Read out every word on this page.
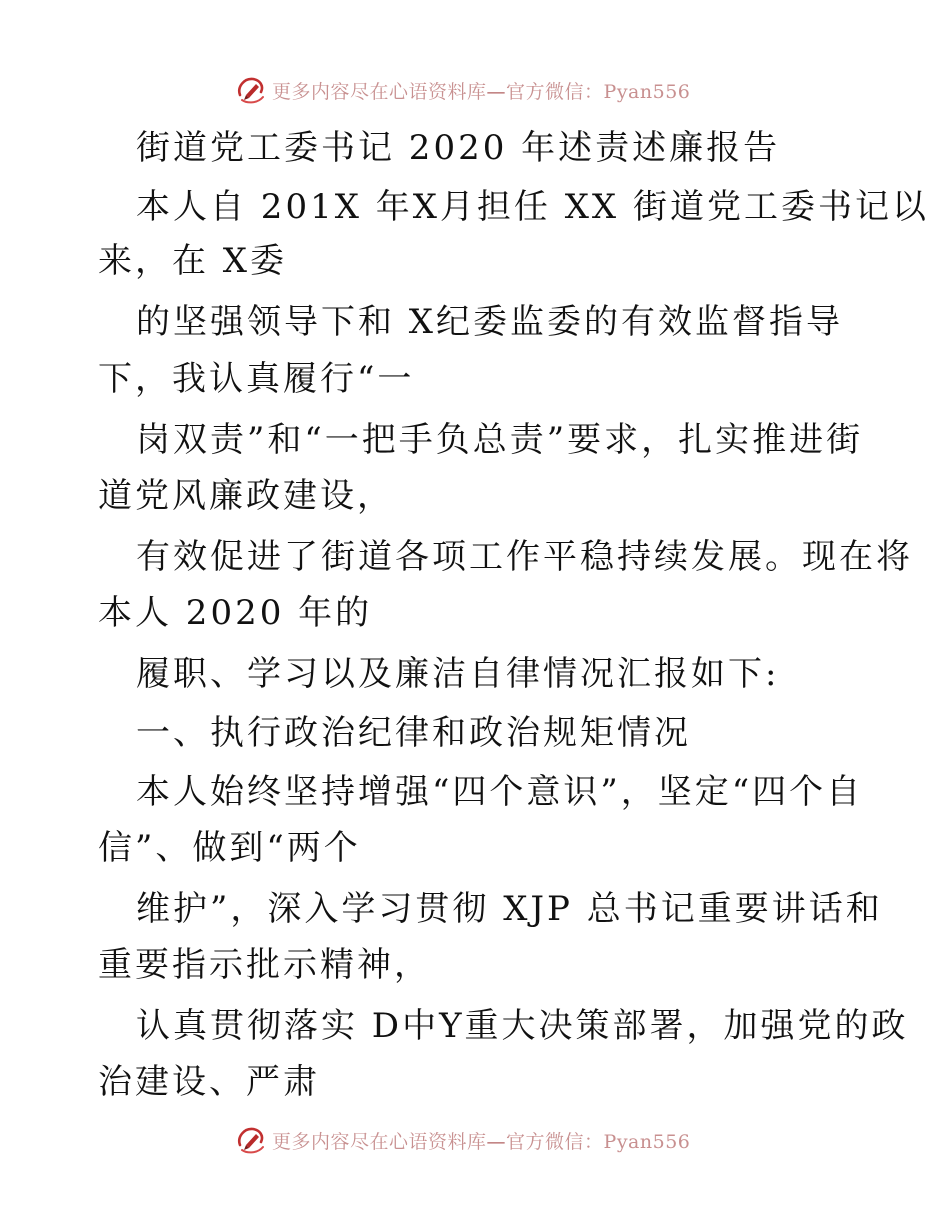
更多内容尽在心语资料库—官方微信：Pyan556
街道党工委书记 2020 年述责述廉报告
本人自 201X 年X月担任 XX 街道党工委书记以
来，在 X委
的坚强领导下和 X纪委监委的有效监督指导
下，我认真履行“一
岗双责”和“一把手负总责”要求，扎实推进街
道党风廉政建设，
有效促进了街道各项工作平稳持续发展。现在将
本人 2020 年的
履职、学习以及廉洁自律情况汇报如下:
一、执行政治纪律和政治规矩情况
本人始终坚持增强“四个意识”，坚定“四个自
信”、做到“两个
维护”，深入学习贯彻 XJP 总书记重要讲话和
重要指示批示精神，
认真贯彻落实 D中Y重大决策部署，加强党的政
治建设、严肃
更多内容尽在心语资料库—官方微信：Pyan556
